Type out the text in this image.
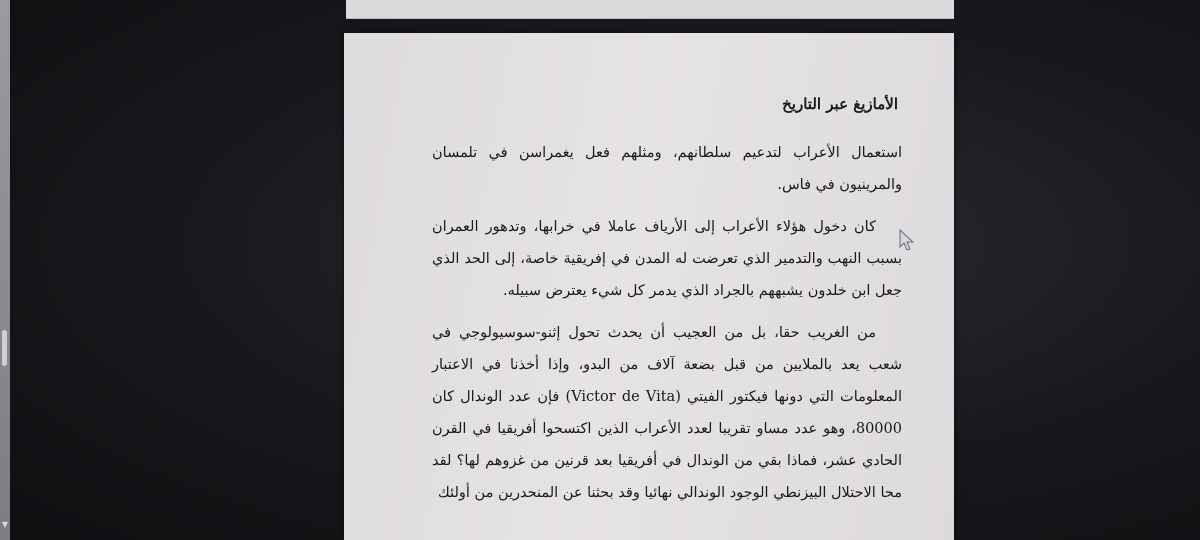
▼
الأمازيغ عبر التاريخ

استعمال الأعراب لتدعيم سلطانهم، ومثلهم فعل يغمراسن في تلمسان والمرينيون في فاس.

كان دخول هؤلاء الأعراب إلى الأرياف عاملا في خرابها، وتدهور العمران بسبب النهب والتدمير الذي تعرضت له المدن في إفريقية خاصة، إلى الحد الذي جعل ابن خلدون يشبههم بالجراد الذي يدمر كل شيء يعترض سبيله.

من الغريب حقا، بل من العجيب أن يحدث تحول إثنو-سوسيولوجي في شعب يعد بالملايين من قبل بضعة آلاف من البدو، وإذا أخذنا في الاعتبار المعلومات التي دونها فيكتور الفيتي (Victor de Vita) فإن عدد الوندال كان 80000، وهو عدد مساو تقريبا لعدد الأعراب الذين اكتسحوا أفريقيا في القرن الحادي عشر، فماذا بقي من الوندال في أفريقيا بعد قرنين من غزوهم لها؟ لقد محا الاحتلال البيزنطي الوجود الوندالي نهائيا وقد بحثنا عن المنحدرين من أولئك
